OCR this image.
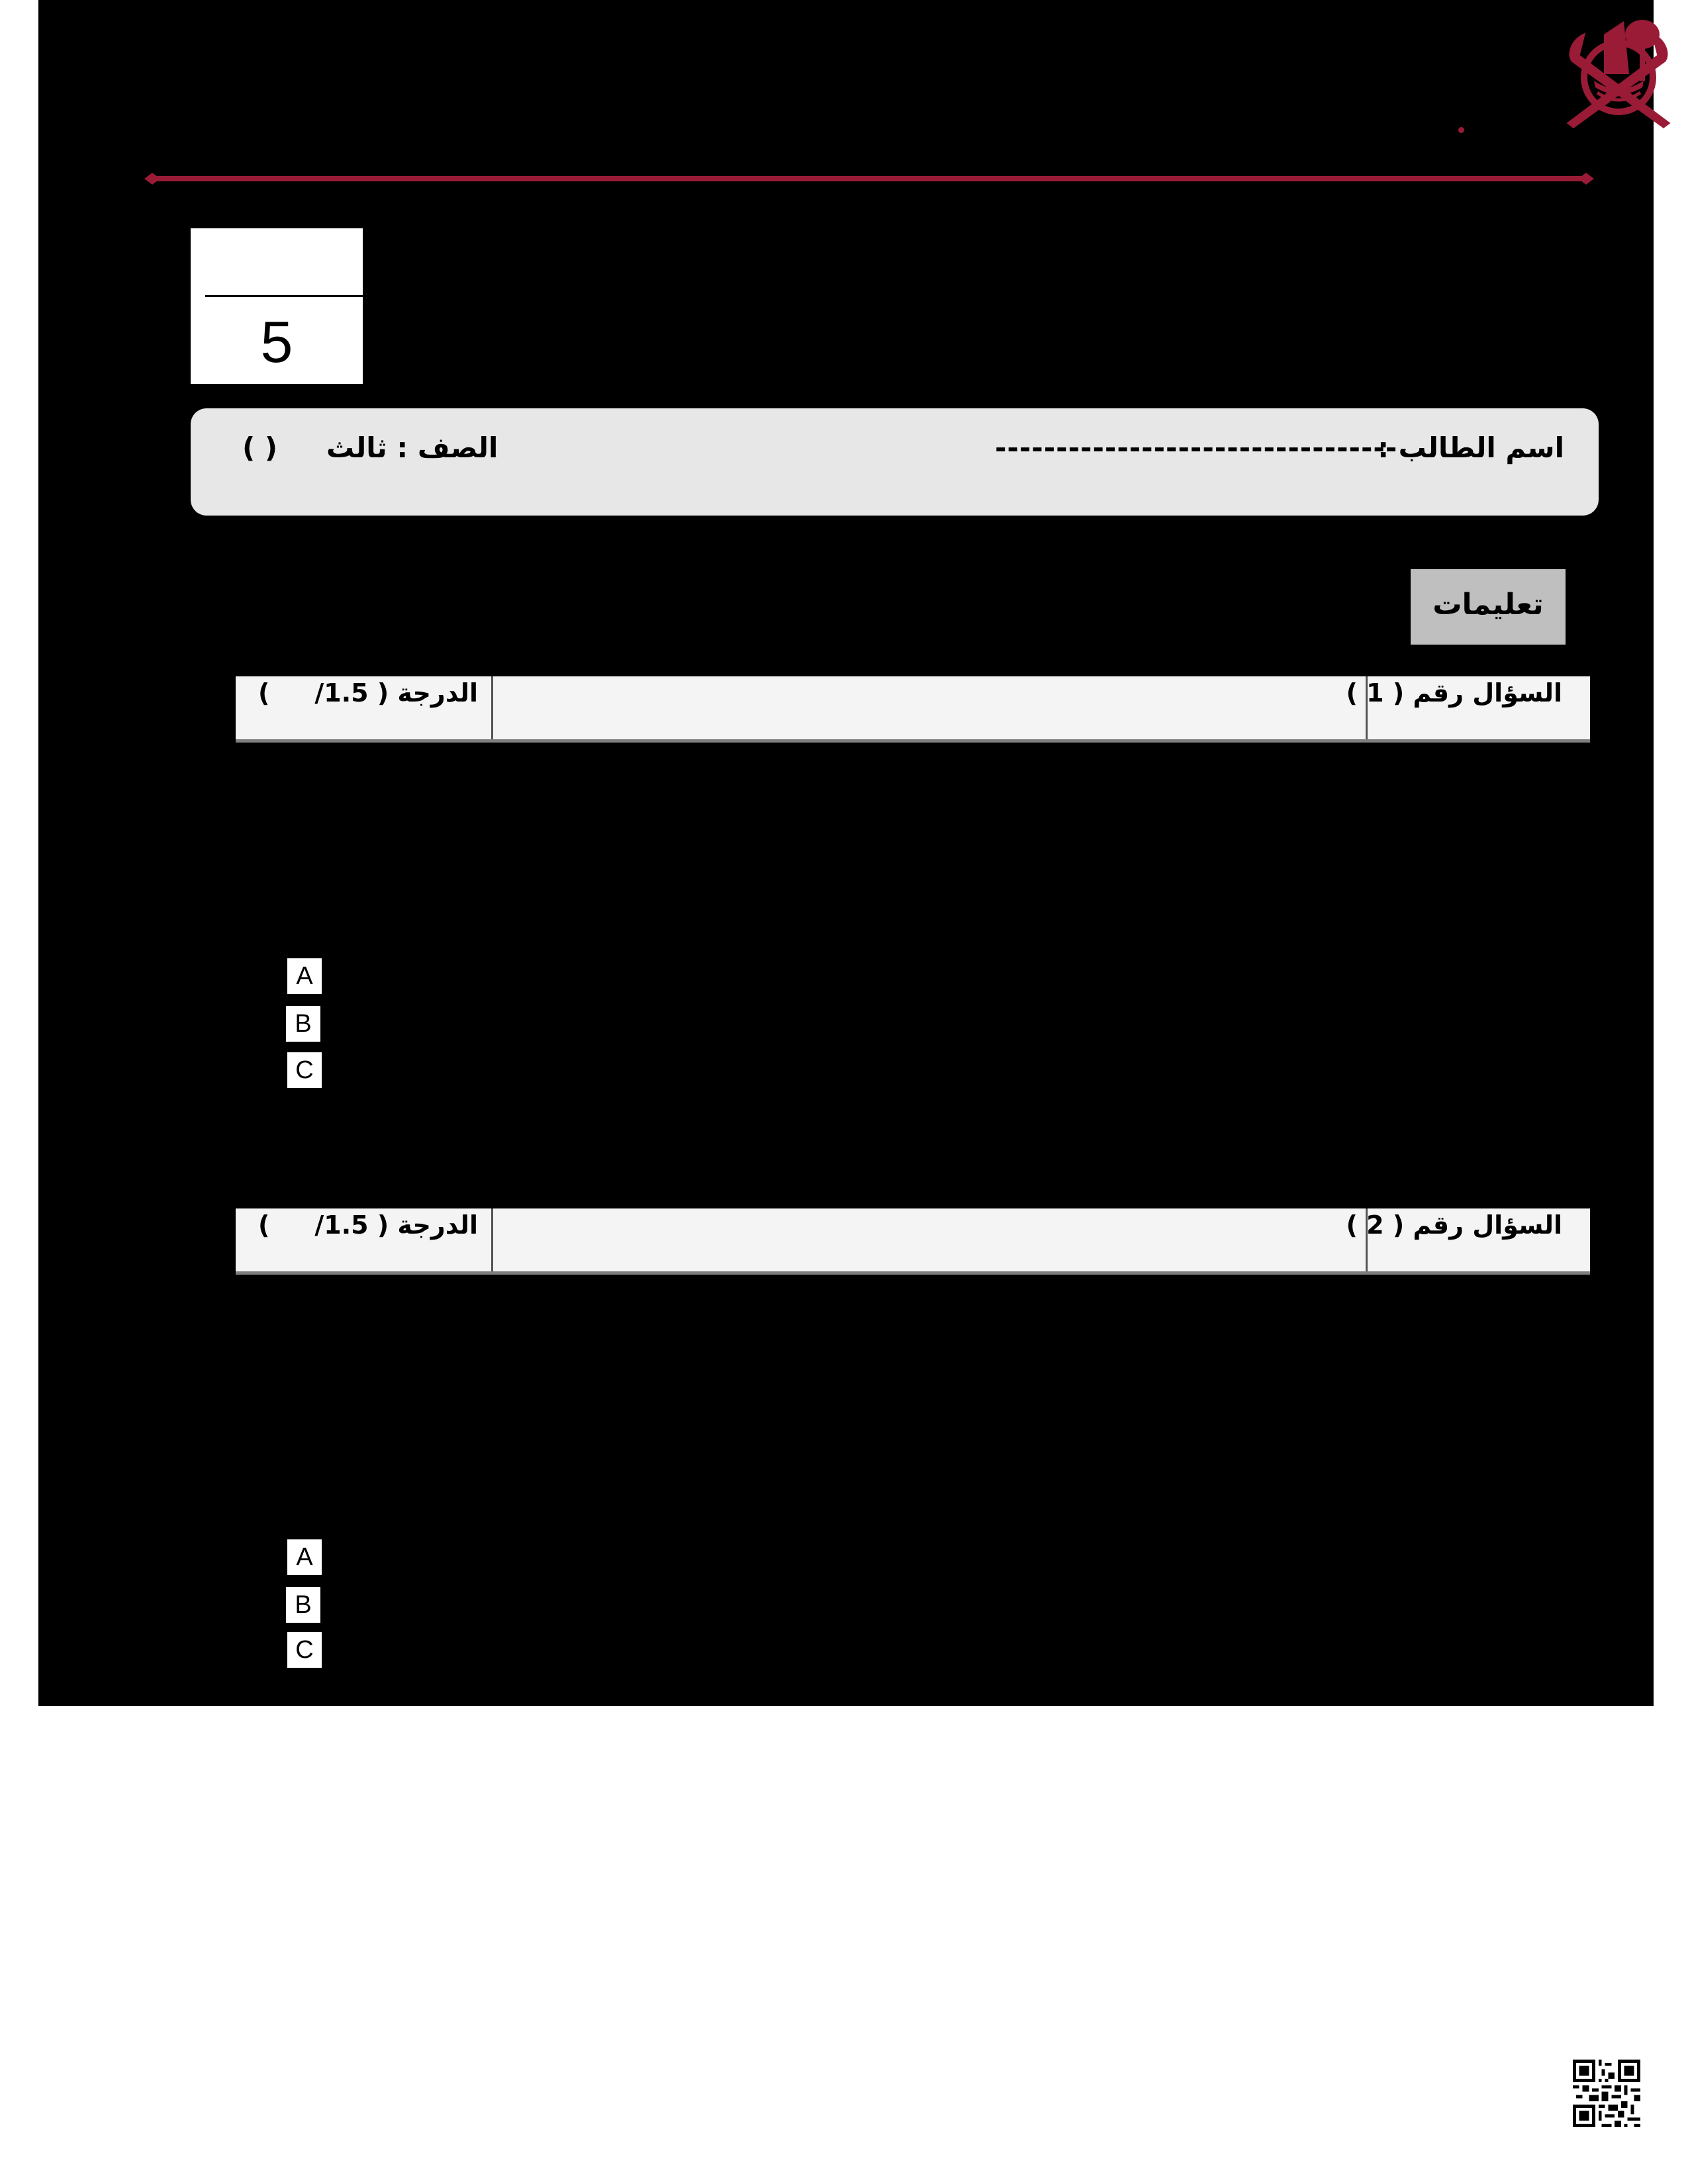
5
اسم الطالب :
---------------------------------
الصف : ثالث
( )
تعليمات
السؤال رقم ( 1 )
الدرجة ( 1.5/
(
A
B
C
السؤال رقم ( 2 )
الدرجة ( 1.5/
(
A
B
C
